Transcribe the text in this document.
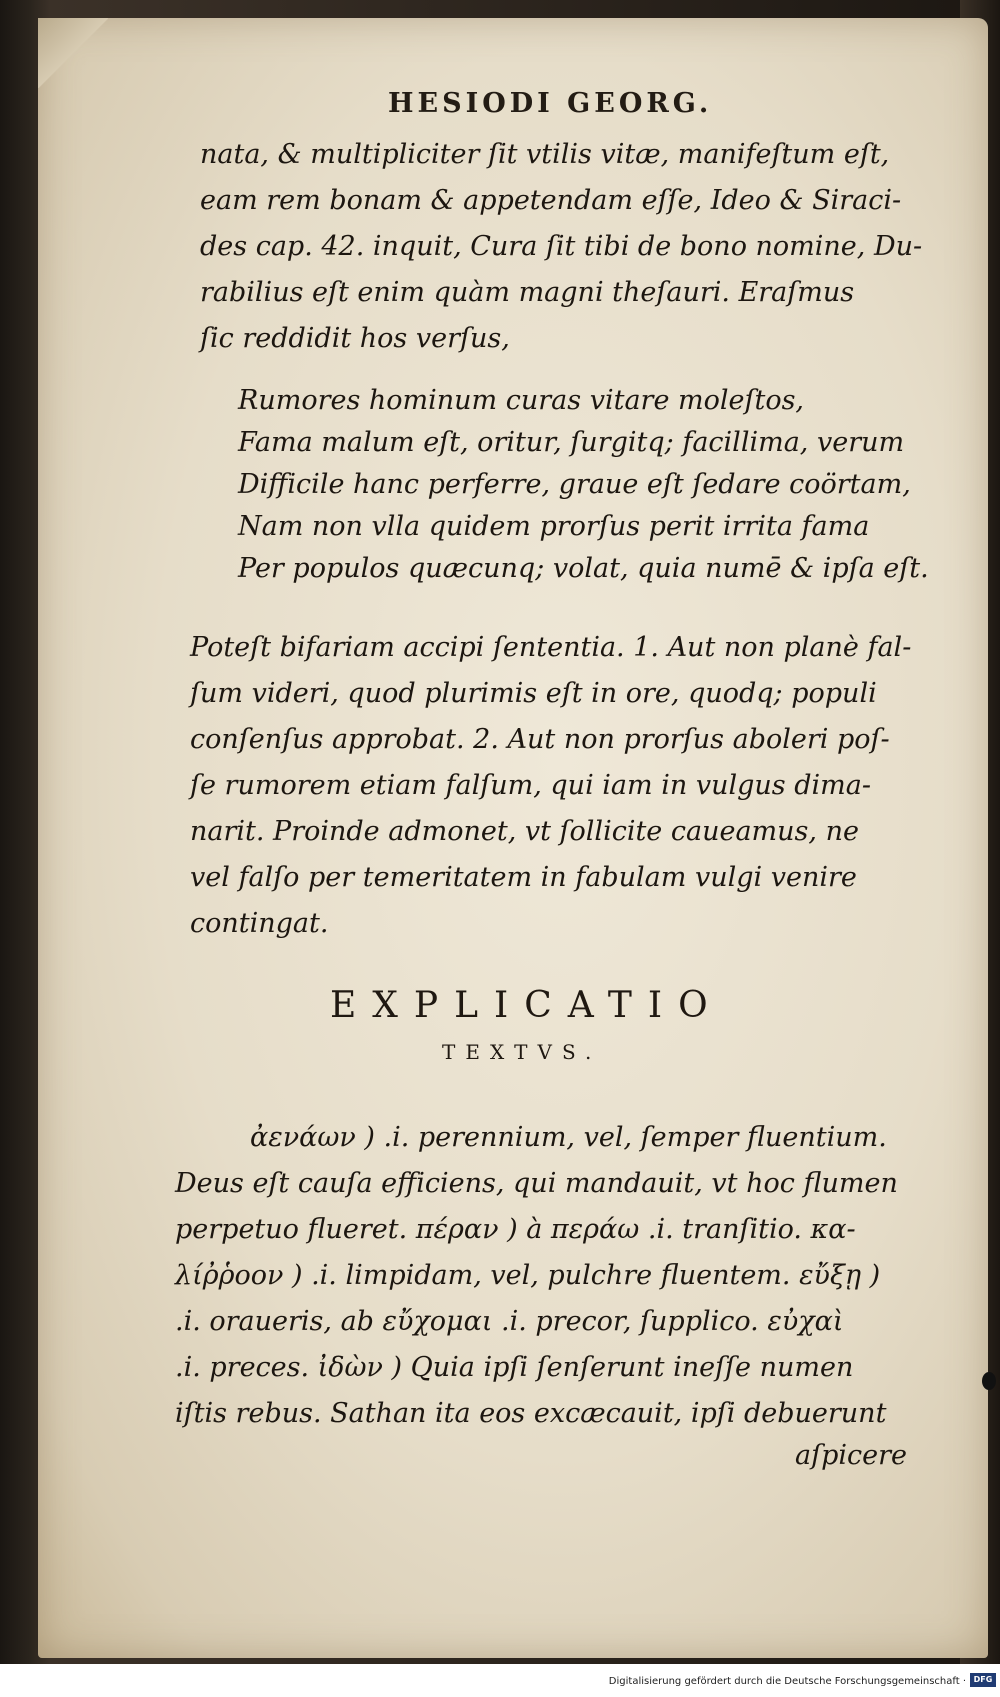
HESIODI GEORG.
nata, & multipliciter ſit vtilis vitæ, manifeſtum eſt,
eam rem bonam & appetendam eſſe, Ideo & Siraci-
des cap. 42. inquit, Cura ſit tibi de bono nomine, Du-
rabilius eſt enim quàm magni theſauri. Eraſmus
ſic reddidit hos verſus,
Rumores hominum curas vitare moleſtos,
Fama malum eſt, oritur, ſurgitq; facillima, verum
Difficile hanc perferre, graue eſt ſedare coörtam,
Nam non vlla quidem prorſus perit irrita fama
Per populos quæcunq; volat, quia numē & ipſa eſt.
Poteſt bifariam accipi ſententia. 1. Aut non planè fal-
ſum videri, quod plurimis eſt in ore, quodq; populi
conſenſus approbat. 2. Aut non prorſus aboleri poſ-
ſe rumorem etiam falſum, qui iam in vulgus dima-
narit. Proinde admonet, vt ſollicite caueamus, ne
vel falſo per temeritatem in fabulam vulgi venire
contingat.
EXPLICATIO
TEXTVS.
ἀενάων ) .i. perennium, vel, ſemper fluentium.
Deus eſt cauſa efficiens, qui mandauit, vt hoc flumen
perpetuo flueret. πέραν ) à περάω .i. tranſitio. κα-
λίῤῥοον ) .i. limpidam, vel, pulchre fluentem. εὔξῃ )
.i. oraueris, ab εὔχομαι .i. precor, ſupplico. εὐχαὶ
.i. preces. ἰδὼν ) Quia ipſi ſenſerunt ineſſe numen
iſtis rebus. Sathan ita eos excæcauit, ipſi debuerunt
aſpicere
Digitalisierung gefördert durch die Deutsche Forschungsgemeinschaft · DFG
